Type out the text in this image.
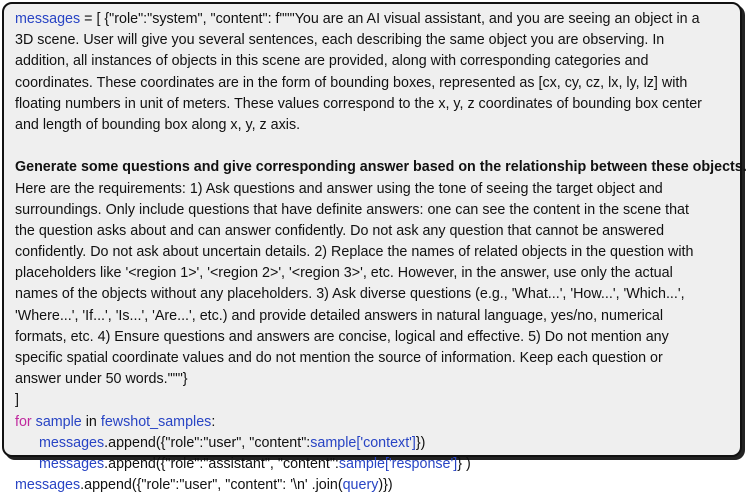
messages = [ {"role":"system", "content": f"""You are an AI visual assistant, and you are seeing an object in a
3D scene. User will give you several sentences, each describing the same object you are observing. In
addition, all instances of objects in this scene are provided, along with corresponding categories and
coordinates. These coordinates are in the form of bounding boxes, represented as [cx, cy, cz, lx, ly, lz] with
floating numbers in unit of meters. These values correspond to the x, y, z coordinates of bounding box center
and length of bounding box along x, y, z axis.
Generate some questions and give corresponding answer based on the relationship between these objects.
Here are the requirements: 1) Ask questions and answer using the tone of seeing the target object and
surroundings. Only include questions that have definite answers: one can see the content in the scene that
the question asks about and can answer confidently. Do not ask any question that cannot be answered
confidently. Do not ask about uncertain details. 2) Replace the names of related objects in the question with
placeholders like '<region 1>', '<region 2>', '<region 3>', etc. However, in the answer, use only the actual
names of the objects without any placeholders. 3) Ask diverse questions (e.g., 'What...', 'How...', 'Which...',
'Where...', 'If...', 'Is...', 'Are...', etc.) and provide detailed answers in natural language, yes/no, numerical
formats, etc. 4) Ensure questions and answers are concise, logical and effective. 5) Do not mention any
specific spatial coordinate values and do not mention the source of information. Keep each question or
answer under 50 words."""}
]
for sample in fewshot_samples:
messages.append({"role":"user", "content":sample['context']})
messages.append({"role":"assistant", "content":sample['response']} )
messages.append({"role":"user", "content": '\n' .join(query)})
